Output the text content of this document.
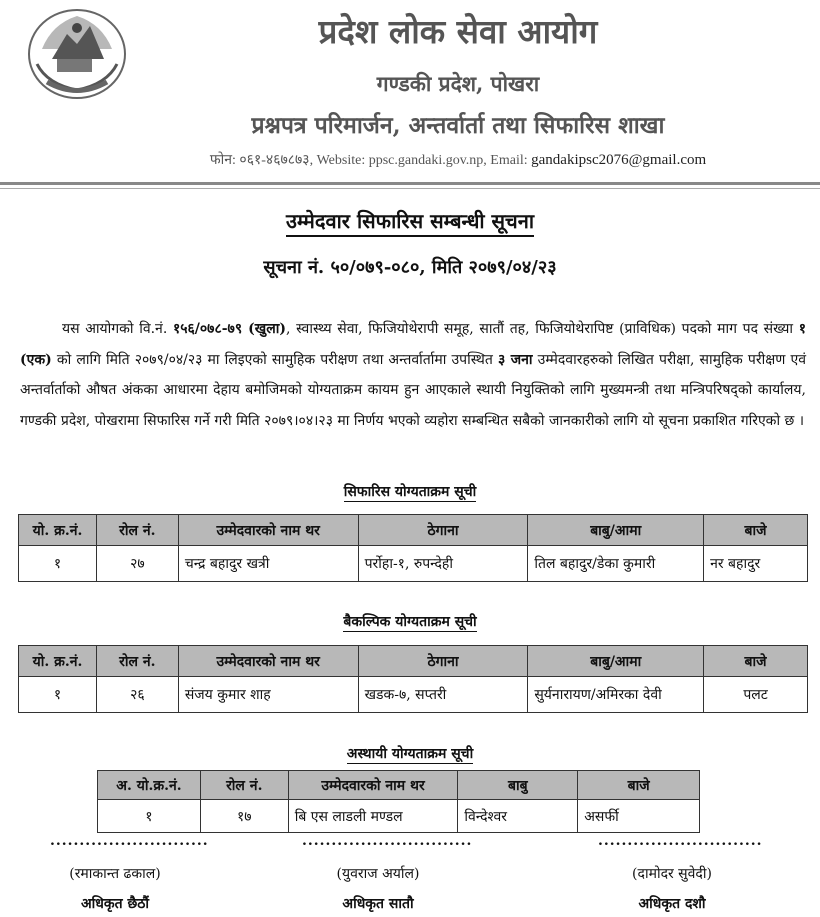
प्रदेश लोक सेवा आयोग
गण्डकी प्रदेश, पोखरा
प्रश्नपत्र परिमार्जन, अन्तर्वार्ता तथा सिफारिस शाखा
फोन: ०६१-४६७८७३, Website: ppsc.gandaki.gov.np, Email: gandakipsc2076@gmail.com
उम्मेदवार सिफारिस सम्बन्धी सूचना
सूचना नं. ५०/०७९-०८०, मिति २०७९/०४/२३
यस आयोगको वि.नं. १५६/०७८-७९ (खुला), स्वास्थ्य सेवा, फिजियोथेरापी समूह, सातौं तह, फिजियोथेरापिष्ट (प्राविधिक) पदको माग पद संख्या १ (एक) को लागि मिति २०७९/०४/२३ मा लिइएको सामुहिक परीक्षण तथा अन्तर्वार्तामा उपस्थित ३ जना उम्मेदवारहरुको लिखित परीक्षा, सामुहिक परीक्षण एवं अन्तर्वार्ताको औषत अंकका आधारमा देहाय बमोजिमको योग्यताक्रम कायम हुन आएकाले स्थायी नियुक्तिको लागि मुख्यमन्त्री तथा मन्त्रिपरिषद्को कार्यालय, गण्डकी प्रदेश, पोखरामा सिफारिस गर्ने गरी मिति २०७९।०४।२३ मा निर्णय भएको व्यहोरा सम्बन्धित सबैको जानकारीको लागि यो सूचना प्रकाशित गरिएको छ ।
सिफारिस योग्यताक्रम सूची
यो. क्र.नं.	रोल नं.	उम्मेदवारको नाम थर	ठेगाना	बाबु/आमा	बाजे
१	२७	चन्द्र बहादुर खत्री	पर्रोहा-१, रुपन्देही	तिल बहादुर/डेका कुमारी	नर बहादुर
बैकल्पिक योग्यताक्रम सूची
यो. क्र.नं.	रोल नं.	उम्मेदवारको नाम थर	ठेगाना	बाबु/आमा	बाजे
१	२६	संजय कुमार शाह	खडक-७, सप्तरी	सुर्यनारायण/अमिरका देवी	पलट
अस्थायी योग्यताक्रम सूची
अ. यो.क्र.नं.	रोल नं.	उम्मेदवारको नाम थर	बाबु	बाजे
१	१७	बि एस लाडली मण्डल	विन्देश्वर	असर्फी
...........................	.............................	............................
(रमाकान्त ढकाल)
अधिकृत छैठौं
(युवराज अर्याल)
अधिकृत सातौ
(दामोदर सुवेदी)
अधिकृत दशौ
